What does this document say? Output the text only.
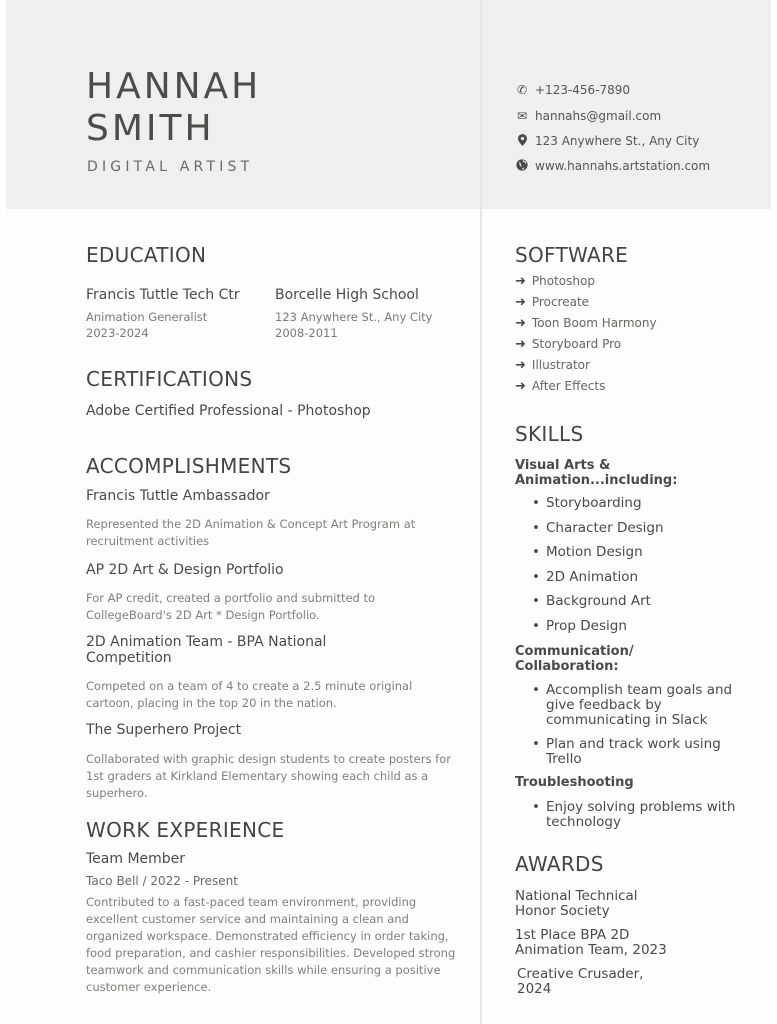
HANNAH
SMITH
DIGITAL ARTIST
✆ +123-456-7890
✉ hannahs@gmail.com
123 Anywhere St., Any City
www.hannahs.artstation.com
EDUCATION
Francis Tuttle Tech Ctr
Animation Generalist
2023-2024
Borcelle High School
123 Anywhere St., Any City
2008-2011
CERTIFICATIONS
Adobe Certified Professional - Photoshop
ACCOMPLISHMENTS
Francis Tuttle Ambassador
Represented the 2D Animation & Concept Art Program at recruitment activities
AP 2D Art & Design Portfolio
For AP credit, created a portfolio and submitted to CollegeBoard's 2D Art * Design Portfolio.
2D Animation Team - BPA National Competition
Competed on a team of 4 to create a 2.5 minute original cartoon, placing in the top 20 in the nation.
The Superhero Project
Collaborated with graphic design students to create posters for 1st graders at Kirkland Elementary showing each child as a superhero.
WORK EXPERIENCE
Team Member
Taco Bell / 2022 - Present
Contributed to a fast-paced team environment, providing excellent customer service and maintaining a clean and organized workspace. Demonstrated efficiency in order taking, food preparation, and cashier responsibilities. Developed strong teamwork and communication skills while ensuring a positive customer experience.
SOFTWARE
➜ Photoshop
➜ Procreate
➜ Toon Boom Harmony
➜ Storyboard Pro
➜ Illustrator
➜ After Effects
SKILLS
Visual Arts & Animation...including:
• Storyboarding
• Character Design
• Motion Design
• 2D Animation
• Background Art
• Prop Design
Communication/ Collaboration:
• Accomplish team goals and give feedback by communicating in Slack
• Plan and track work using Trello
Troubleshooting
• Enjoy solving problems with technology
AWARDS
National Technical Honor Society
1st Place BPA 2D Animation Team, 2023
Creative Crusader, 2024
